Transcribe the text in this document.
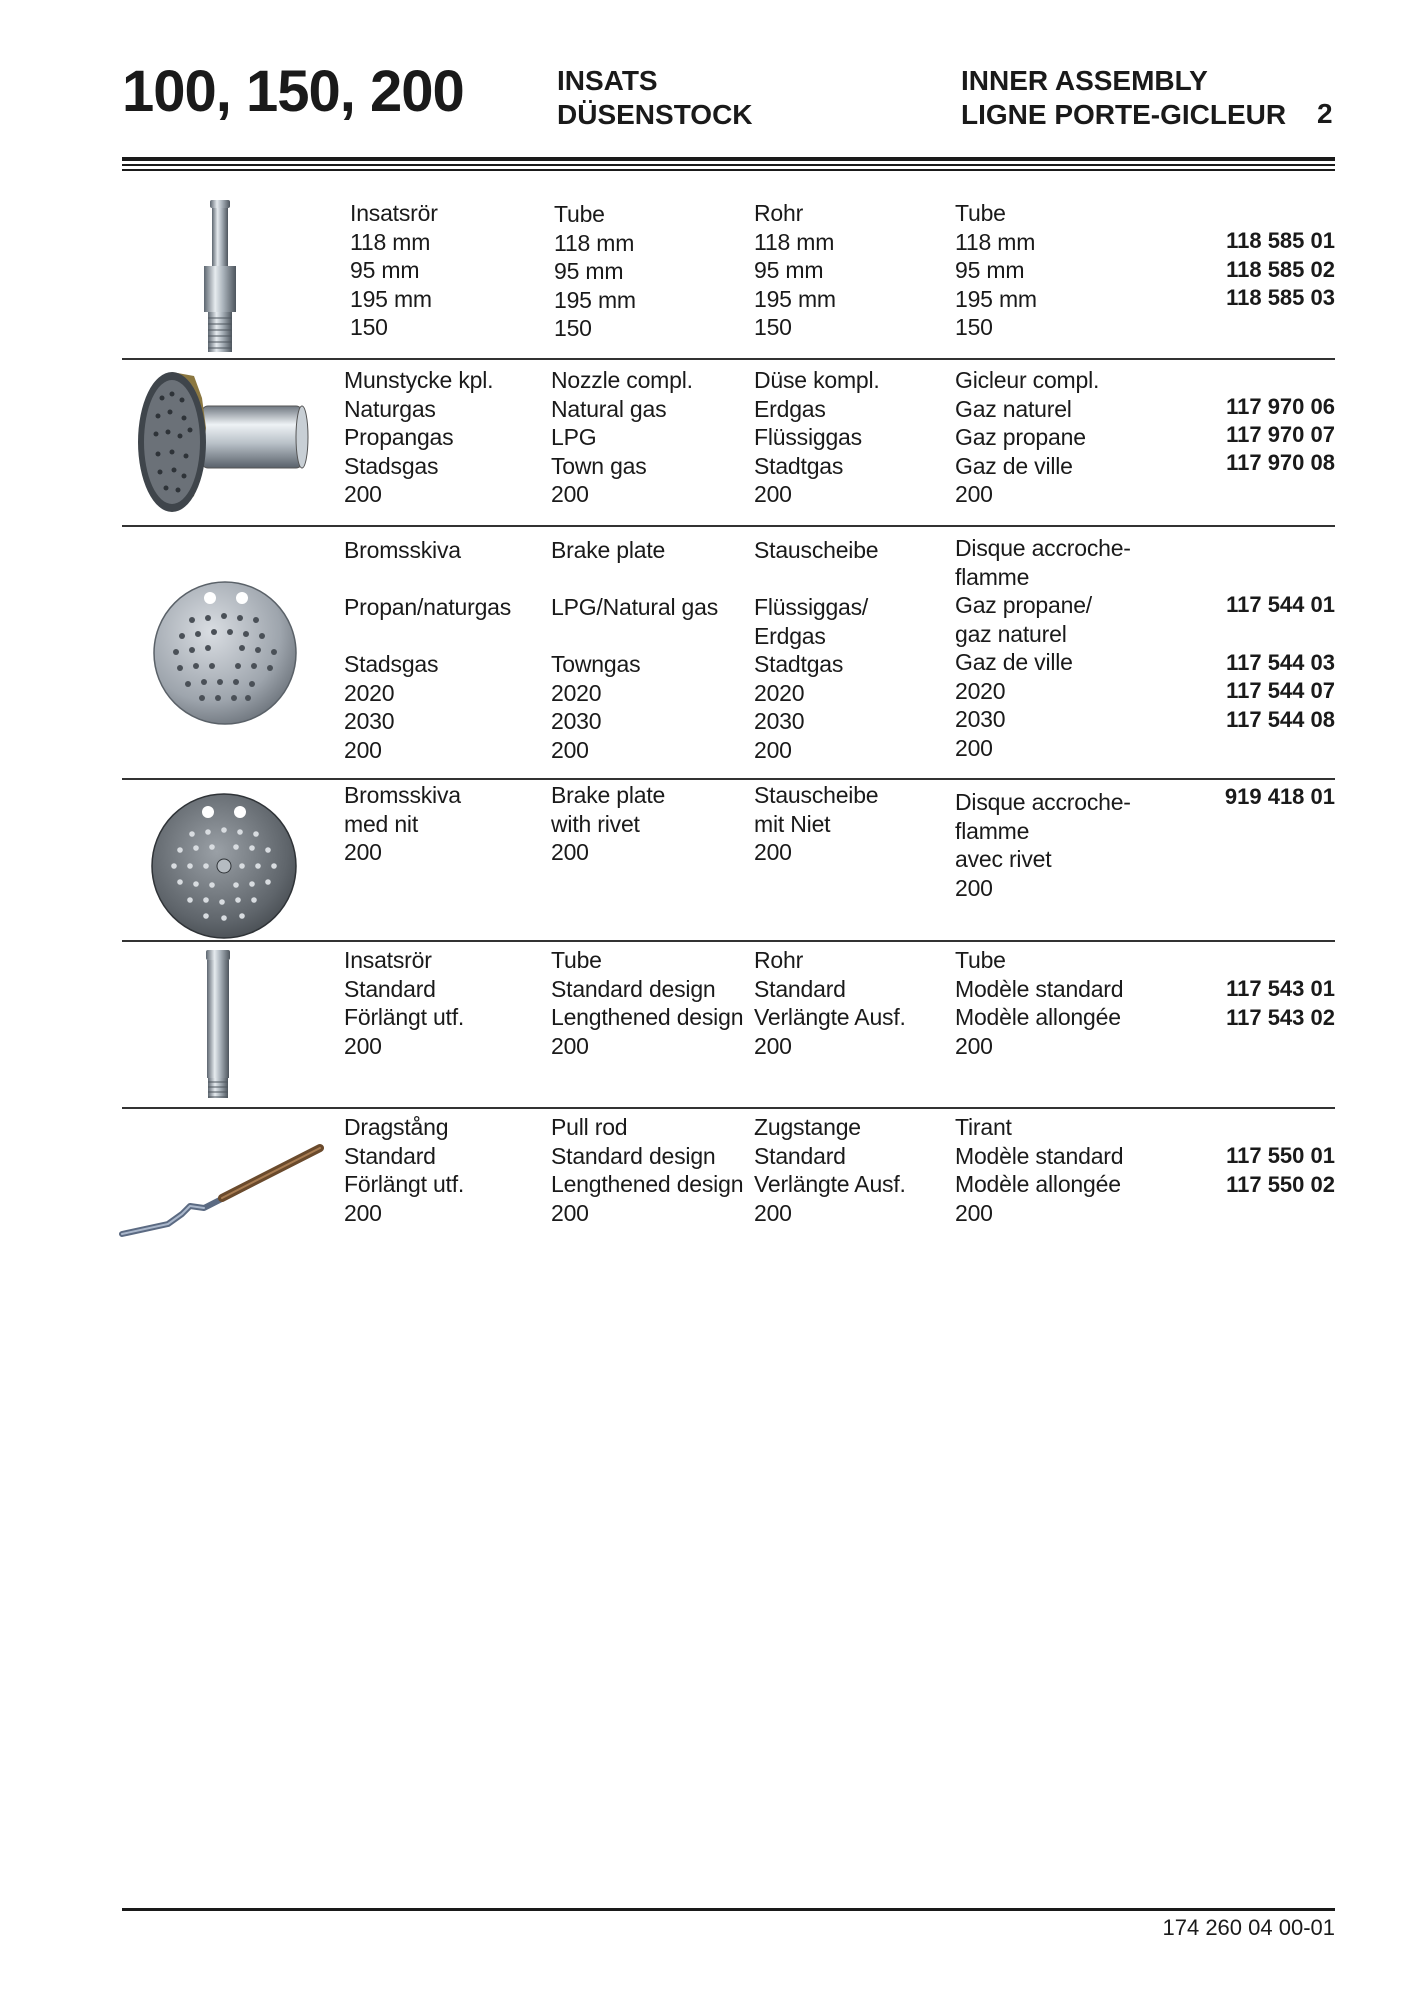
100, 150, 200	INSATS
DÜSENSTOCK
INNER ASSEMBLY
LIGNE PORTE-GICLEUR 2
Insatsrör
118 mm
95 mm
195 mm
150
Tube
118 mm
95 mm
195 mm
150
Rohr
118 mm
95 mm
195 mm
150
Tube
118 mm
95 mm
195 mm
150
118 585 01
118 585 02
118 585 03
Munstycke kpl.
Naturgas
Propangas
Stadsgas
200
Nozzle compl.
Natural gas
LPG
Town gas
200
Düse kompl.
Erdgas
Flüssiggas
Stadtgas
200
Gicleur compl.
Gaz naturel
Gaz propane
Gaz de ville
200
117 970 06
117 970 07
117 970 08
Bromsskiva

Propan/naturgas

Stadsgas
2020
2030
200
Brake plate

LPG/Natural gas

Towngas
2020
2030
200
Stauscheibe

Flüssiggas/
Erdgas
Stadtgas
2020
2030
200
Disque accroche-
flamme
Gaz propane/
gaz naturel
Gaz de ville
2020
2030
200
117 544 01
117 544 03
117 544 07
117 544 08
Bromsskiva
med nit
200
Brake plate
with rivet
200
Stauscheibe
mit Niet
200
Disque accroche-
flamme
avec rivet
200
919 418 01
Insatsrör
Standard
Förlängt utf.
200
Tube
Standard design
Lengthened design
200
Rohr
Standard
Verlängte Ausf.
200
Tube
Modèle standard
Modèle allongée
200
117 543 01
117 543 02
Dragstång
Standard
Förlängt utf.
200
Pull rod
Standard design
Lengthened design
200
Zugstange
Standard
Verlängte Ausf.
200
Tirant
Modèle standard
Modèle allongée
200
117 550 01
117 550 02
174 260 04 00-01
